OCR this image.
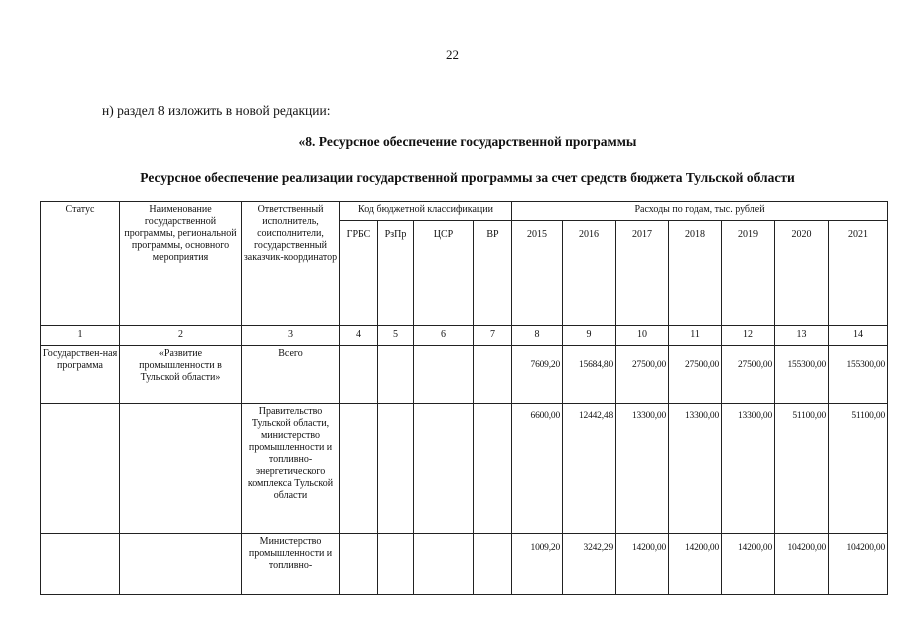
22
н) раздел 8 изложить в новой редакции:
«8. Ресурсное обеспечение государственной программы
Ресурсное обеспечение реализации государственной программы за счет средств бюджета Тульской области
Статус	Наименование государственной программы, региональной программы, основного мероприятия	Ответственный исполнитель, соисполнители, государственный заказчик-координатор	Код бюджетной классификации				Расходы по годам, тыс. рублей						
			ГРБС	РзПр	ЦСР	ВР	2015	2016	2017	2018	2019	2020	2021
1	2	3	4	5	6	7	8	9	10	11	12	13	14
Государствен-ная программа	«Развитие промышленности в Тульской области»	Всего					7609,20	15684,80	27500,00	27500,00	27500,00	155300,00	155300,00
		Правительство Тульской области, министерство промышленности и топливно-энергетического комплекса Тульской области					6600,00	12442,48	13300,00	13300,00	13300,00	51100,00	51100,00
		Министерство промышленности и топливно-					1009,20	3242,29	14200,00	14200,00	14200,00	104200,00	104200,00
